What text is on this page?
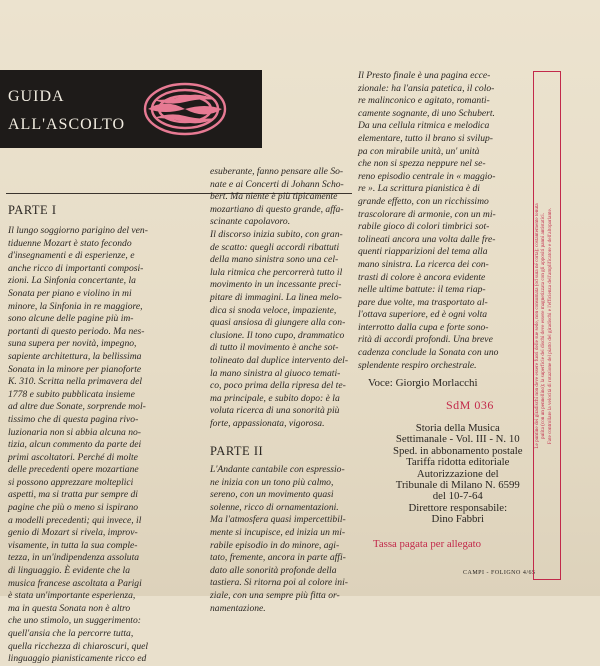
GUIDA
ALL'ASCOLTO
PARTE I
Il lungo soggiorno parigino del ven-
tiduenne Mozart è stato fecondo
d'insegnamenti e di esperienze, e
anche ricco di importanti composi-
zioni. La Sinfonia concertante, la
Sonata per piano e violino in mi
minore, la Sinfonia in re maggiore,
sono alcune delle pagine più im-
portanti di questo periodo. Ma nes-
suna supera per novità, impegno,
sapiente architettura, la bellissima
Sonata in la minore per pianoforte
K. 310. Scritta nella primavera del
1778 e subito pubblicata insieme
ad altre due Sonate, sorprende mol-
tissimo che di questa pagina rivo-
luzionaria non si abbia alcuna no-
tizia, alcun commento da parte dei
primi ascoltatori. Perché di molte
delle precedenti opere mozartiane
si possono apprezzare molteplici
aspetti, ma si tratta pur sempre di
pagine che più o meno si ispirano
a modelli precedenti; qui invece, il
genio di Mozart si rivela, improv-
visamente, in tutta la sua comple-
tezza, in un'indipendenza assoluta
di linguaggio. È evidente che la
musica francese ascoltata a Parigi
è stata un'importante esperienza,
ma in questa Sonata non è altro
che uno stimolo, un suggerimento:
quell'ansia che la percorre tutta,
quella ricchezza di chiaroscuri, quel
linguaggio pianisticamente ricco ed
esuberante, fanno pensare alle So-
nate e ai Concerti di Johann Scho-
bert. Ma niente è più tipicamente
mozartiano di questo grande, affa-
scinante capolavoro.
Il discorso inizia subito, con gran-
de scatto: quegli accordi ribattuti
della mano sinistra sono una cel-
lula ritmica che percorrerà tutto il
movimento in un incessante preci-
pitare di immagini. La linea melo-
dica si snoda veloce, impaziente,
quasi ansiosa di giungere alla con-
clusione. Il tono cupo, drammatico
di tutto il movimento è anche sot-
tolineato dal duplice intervento del-
la mano sinistra al giuoco temati-
co, poco prima della ripresa del te-
ma principale, e subito dopo: è la
voluta ricerca di una sonorità più
forte, appassionata, vigorosa.
PARTE II
L'Andante cantabile con espressio-
ne inizia con un tono più calmo,
sereno, con un movimento quasi
solenne, ricco di ornamentazioni.
Ma l'atmosfera quasi impercettibil-
mente si incupisce, ed inizia un mi-
rabile episodio in do minore, agi-
tato, fremente, ancora in parte affi-
dato alle sonorità profonde della
tastiera. Si ritorna poi al colore ini-
ziale, con una sempre più fitta or-
namentazione.
Il Presto finale è una pagina ecce-
zionale: ha l'ansia patetica, il colo-
re malinconico e agitato, romanti-
camente sognante, di uno Schubert.
Da una cellula ritmica e melodica
elementare, tutto il brano si svilup-
pa con mirabile unità, un' unità
che non si spezza neppure nel se-
reno episodio centrale in « maggio-
re ». La scrittura pianistica è di
grande effetto, con un ricchissimo
trascolorare di armonie, con un mi-
rabile gioco di colori timbrici sot-
tolineati ancora una volta dalle fre-
quenti riapparizioni del tema alla
mano sinistra. La ricerca dei con-
trasti di colore è ancora evidente
nelle ultime battute: il tema riap-
pare due volte, ma trasportato al-
l'ottava superiore, ed è ogni volta
interrotto dalla cupa e forte sono-
rità di accordi profondi. Una breve
cadenza conclude la Sonata con uno
splendente respiro orchestrale.
Voce: Giorgio Morlacchi
SdM 036
Storia della Musica
Settimanale - Vol. III - N. 10
Sped. in abbonamento postale
Tariffa ridotta editoriale
Autorizzazione del
Tribunale di Milano N. 6599
del 10-7-64
Direttore responsabile:
Dino Fabbri
Tassa pagata per allegato
CAMPI - FOLIGNO 4/65
Le puntine dei giradischi non deve essere fuori delle sue sede, non consumata (od sura né corta); costantemente tenuta
pulita (con un pennellino); la superficie dei dischi deve essere magnetizzata con gli appositi panni antistatici.
Fate controllare la velocità di rotazione del piatto del giradischi e l'efficienza dell'amplificatore e dell'altoparlante.
